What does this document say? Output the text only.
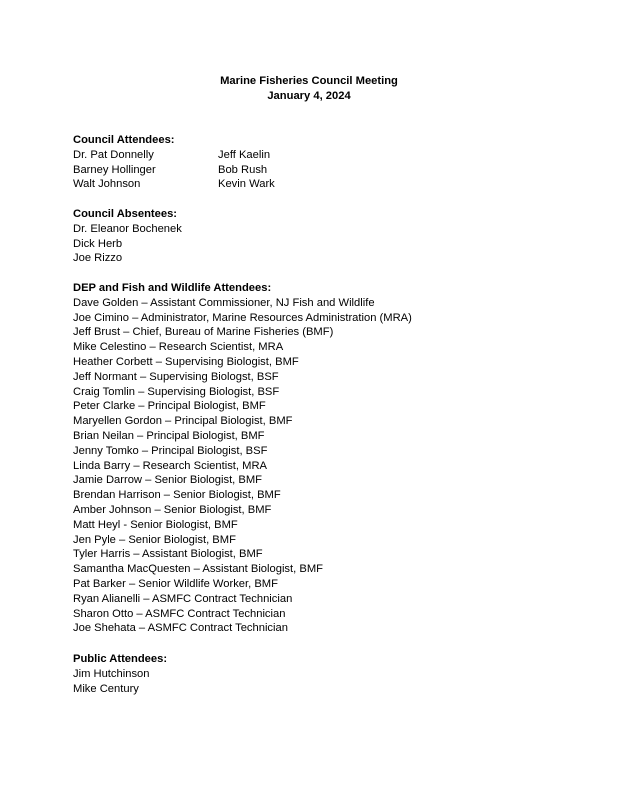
Marine Fisheries Council Meeting
January 4, 2024
Council Attendees:
Dr. Pat Donnelly
Barney Hollinger
Walt Johnson
Jeff Kaelin
Bob Rush
Kevin Wark
Council Absentees:
Dr. Eleanor Bochenek
Dick Herb
Joe Rizzo
DEP and Fish and Wildlife Attendees:
Dave Golden – Assistant Commissioner, NJ Fish and Wildlife
Joe Cimino – Administrator, Marine Resources Administration (MRA)
Jeff Brust – Chief, Bureau of Marine Fisheries (BMF)
Mike Celestino – Research Scientist, MRA
Heather Corbett – Supervising Biologist, BMF
Jeff Normant – Supervising Biologst, BSF
Craig Tomlin – Supervising Biologist, BSF
Peter Clarke – Principal Biologist, BMF
Maryellen Gordon – Principal Biologist, BMF
Brian Neilan – Principal Biologist, BMF
Jenny Tomko – Principal Biologist, BSF
Linda Barry – Research Scientist, MRA
Jamie Darrow – Senior Biologist, BMF
Brendan Harrison – Senior Biologist, BMF
Amber Johnson – Senior Biologist, BMF
Matt Heyl - Senior Biologist, BMF
Jen Pyle – Senior Biologist, BMF
Tyler Harris – Assistant Biologist, BMF
Samantha MacQuesten – Assistant Biologist, BMF
Pat Barker – Senior Wildlife Worker, BMF
Ryan Alianelli – ASMFC Contract Technician
Sharon Otto – ASMFC Contract Technician
Joe Shehata – ASMFC Contract Technician
Public Attendees:
Jim Hutchinson
Mike Century
